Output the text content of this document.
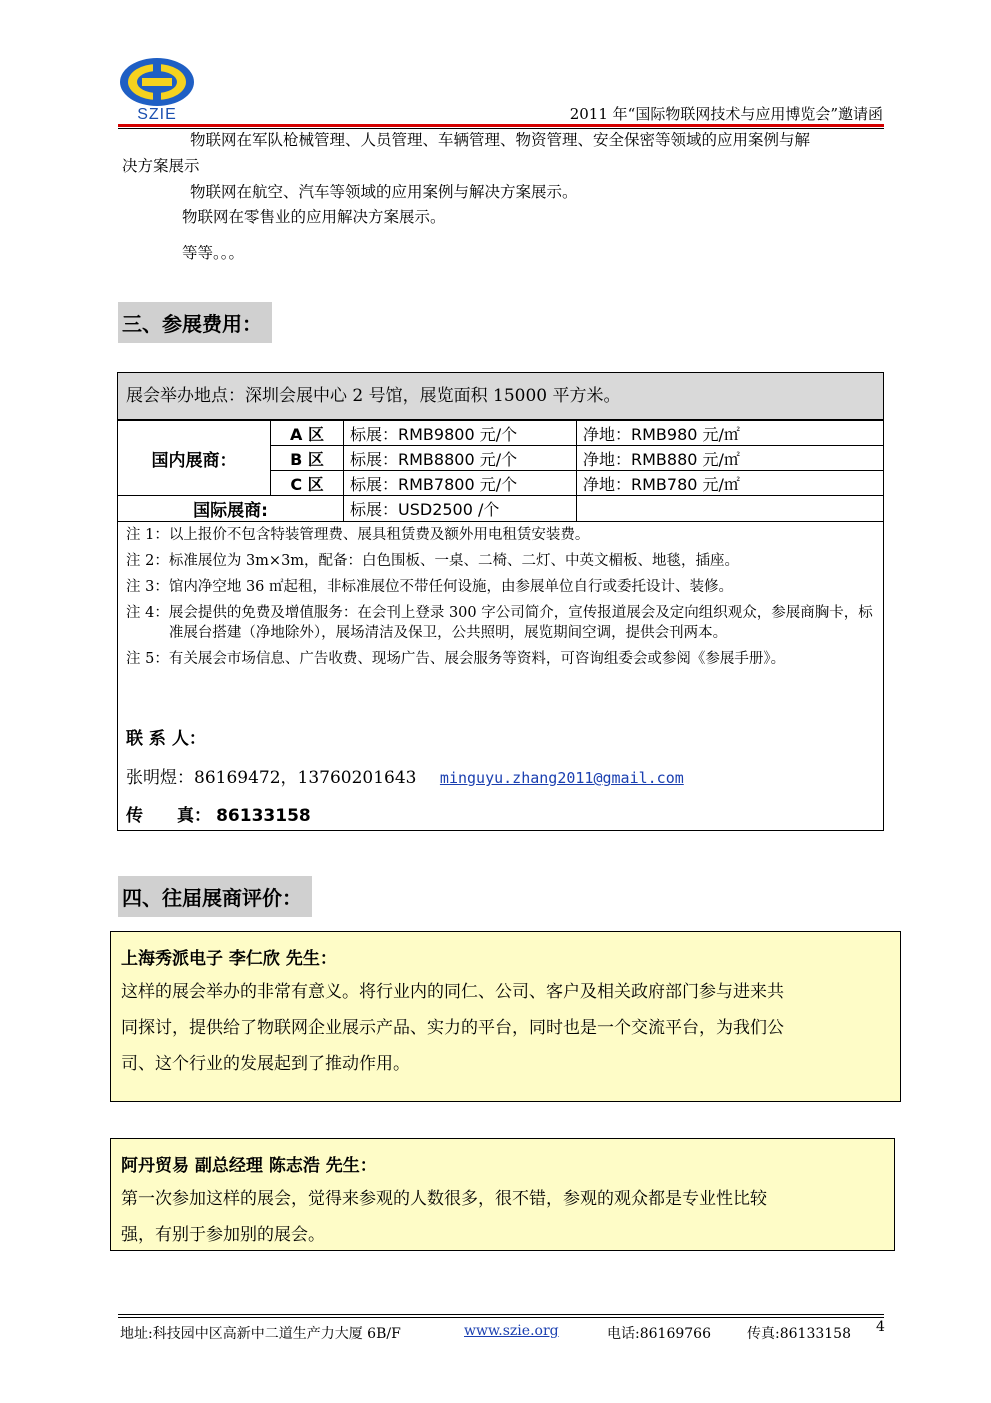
SZIE	2011 年“国际物联网技术与应用博览会”邀请函
物联网在军队枪械管理、人员管理、车辆管理、物资管理、安全保密等领域的应用案例与解
决方案展示
物联网在航空、汽车等领域的应用案例与解决方案展示。
物联网在零售业的应用解决方案展示。
等等。。。
三、参展费用：
展会举办地点：深圳会展中心 2 号馆，展览面积 15000 平方米。
国内展商：	A 区	标展：RMB9800 元/个	净地：RMB980 元/㎡
	B 区	标展：RMB8800 元/个	净地：RMB880 元/㎡
	C 区	标展：RMB7800 元/个	净地：RMB780 元/㎡
国际展商:		标展：USD2500 /个	
注 1： 以上报价不包含特装管理费、展具租赁费及额外用电租赁安装费。
注 2： 标准展位为 3m×3m，配备：白色围板、一桌、二椅、二灯、中英文楣板、地毯，插座。
注 3： 馆内净空地 36 ㎡起租，非标准展位不带任何设施，由参展单位自行或委托设计、装修。
注 4： 展会提供的免费及增值服务：在会刊上登录 300 字公司简介，宣传报道展会及定向组织观众，参展商胸卡，标准展台搭建（净地除外），展场清洁及保卫，公共照明，展览期间空调，提供会刊两本。
注 5： 有关展会市场信息、广告收费、现场广告、展会服务等资料，可咨询组委会或参阅《参展手册》。
联 系 人：
张明煜：86169472，13760201643 minguyu.zhang2011@gmail.com
传　　真： 86133158
四、往届展商评价：
上海秀派电子 李仁欣 先生：
这样的展会举办的非常有意义。将行业内的同仁、公司、客户及相关政府部门参与进来共
同探讨，提供给了物联网企业展示产品、实力的平台，同时也是一个交流平台，为我们公
司、这个行业的发展起到了推动作用。
阿丹贸易 副总经理 陈志浩 先生：
第一次参加这样的展会，觉得来参观的人数很多，很不错，参观的观众都是专业性比较
强，有别于参加别的展会。
地址:科技园中区高新中二道生产力大厦 6B/F	www.szie.org	电话:86169766	传真:86133158 4
